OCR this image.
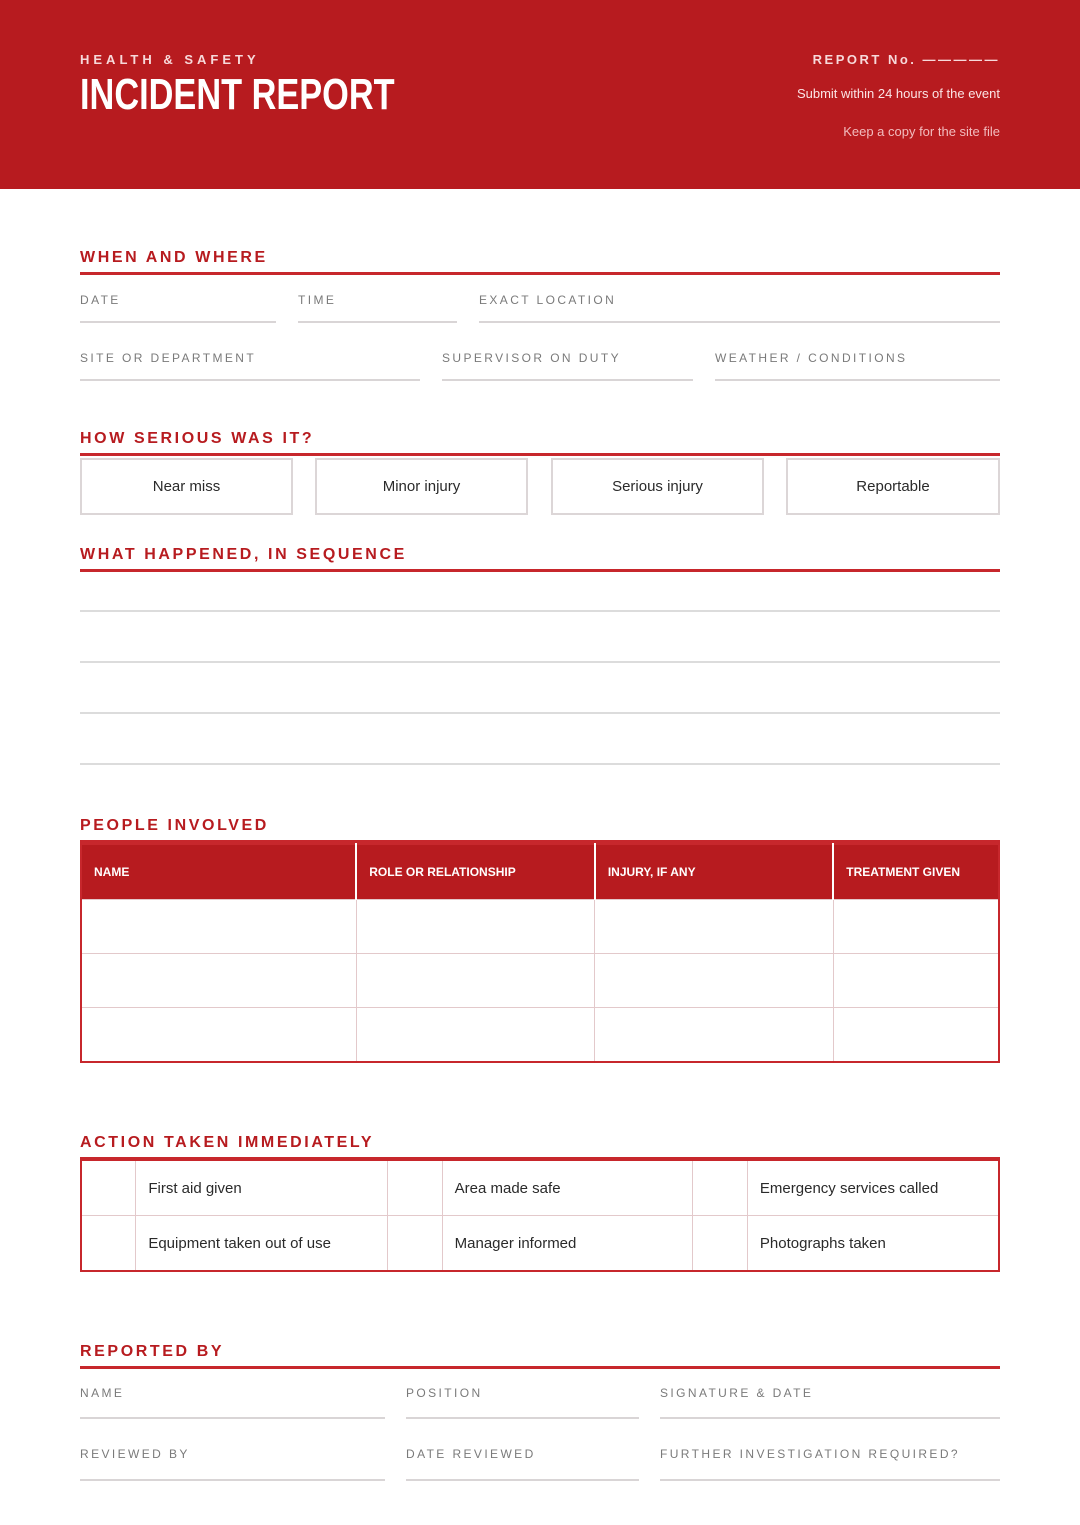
HEALTH & SAFETY
INCIDENT REPORT
REPORT No. —————
Submit within 24 hours of the event
Keep a copy for the site file
WHEN AND WHERE
DATE	TIME	EXACT LOCATION
SITE OR DEPARTMENT	SUPERVISOR ON DUTY	WEATHER / CONDITIONS
HOW SERIOUS WAS IT?
Near miss	Minor injury	Serious injury	Reportable
WHAT HAPPENED, IN SEQUENCE
PEOPLE INVOLVED
NAME	ROLE OR RELATIONSHIP	INJURY, IF ANY	TREATMENT GIVEN

ACTION TAKEN IMMEDIATELY
	First aid given		Area made safe		Emergency services called
	Equipment taken out of use		Manager informed		Photographs taken
REPORTED BY
NAME	POSITION	SIGNATURE & DATE
REVIEWED BY	DATE REVIEWED	FURTHER INVESTIGATION REQUIRED?
